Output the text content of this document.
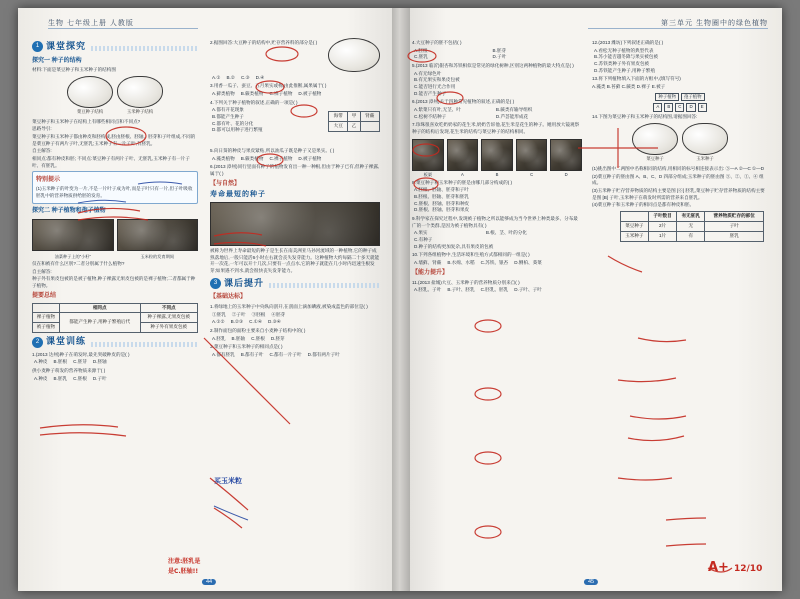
生物 七年级上册 人教版
1 课堂探究
探究一 种子的结构

材料:下面是菜豆种子和玉米种子的结构图

菜豆种子结构	玉米种子结构

菜豆种子和玉米种子在结构上有哪些相同点和不同点?

思路导引:

菜豆种子和玉米种子都由种皮和胚构成,胚由胚根、胚轴、胚芽和子叶组成,不同的是菜豆种子有两片子叶,无胚乳;玉米种子有一片子叶,有胚乳。

自主解答:

相同点:都有种皮和胚; 不同点:菜豆种子有两片子叶、无胚乳,玉米种子有一片子叶、有胚乳。

特别提示

(1)玉米种子的叶变为一片,不是一片叶子成为叶,而是子叶只有一片,但子叶吸收胚乳中的营养物质供给胚的发育。

探究二 种子植物和孢子植物
油菜种子上的“小籽”	玉米粒的发育期间

仅在和被有什么区别?二者分别属于什么植物?

自主解答:

种子外有果皮包被的是被子植物,种子裸露无果皮包被的是裸子植物;二者都属于种子植物。

提要总结
	相同点	不同点
裸子植物	都能产生种子,用种子繁殖后代	种子裸露,无果皮包被
被子植物		种子外有果皮包被
2 课堂训练

1.(2013 达州)种子在萌发时,最先突破种皮的是( )

A.种皮 B.胚根 C.胚芽 D.胚轴

供小麦种子萌发的营养物质来源于( )

A.种皮 B.胚乳 C.胚根 D.子叶

2.据图回答:大豆种子的结构中,贮存营养料的部分是( )

A.① B.② C.③ D.④

3.用香一瓜子、蚕豆、五月果实或棉,由此推断,属果属于( )

A.藓类植物 B.蕨类植物 C.裸子植物 D.被子植物

4.下列关于种子植物的叙述,正确的一项是( )

A.都有开花现象
B.都能产生种子
C.都有叶、花的分化
D.都可以用种子进行繁殖
海带	甲	肾蕨
大豆	乙	

5.向日葵的种皮与果皮紧贴,所以油瓜子既是种子又是果实。( )

A.藻类植物 B.蕨类植物 C.裸子植物 D.被子植物

6.(2013 漳州)同行里面有种子的植物发育出一种一种根,但由于种子已有,但种子裸露,属于( )

【与自然】
寿命最短的种子

被称为世界上寿命最短的种子是生长在南美洲亚马孙河流域的一种植物,它的种子成熟落地后,一般只能活6小时左右就会丧失发芽能力。这种植物大约每隔二十多天就能开一次花,一年可以开十几次,只要有一点点水,它的种子就能在几小时内迅速生根发芽;如果遇不到水,就会很快丧失发芽能力。

3 课后提升
【基础达标】

1.将绿地上的玉米种子中央纵向剖开,在剖面上滴加碘液,被染成蓝色的部位是( )

①胚乳 ②子叶 ③胚根 ④胚芽
A.①② B.②③ C.①④ D.③④

2.制作面包的面粉主要来自小麦种子结构中的( )

A.胚乳 B.胚轴 C.胚根 D.胚芽

3.菜豆种子和玉米种子的相同点是( )

A.都有胚乳 B.都有子叶 C.都有一片子叶 D.都有两片子叶
44
第三单元 生物圈中的绿色植物

4.大豆种子的胚不包括( )

A.胚根	B.胚芽 C.胚乳	D.子叶

5.(2013 临沂)银杏和苏铁相似是常见的绿化树种,区别这两种植物的最大特点是( )

A.有无绿色叶
B.有无果实和果皮包被
C.能否进行光合作用
D.能否产生种子

6.(2013 漳州)关于四种常见植物的叙述,正确的是( )

A.紫菜只有叶,无茎、叶	B.蕨类有输导组织 C.松树不结种子	D.芦荟能形成花

7.珍珠很喜欢吃奶奶家的花生米,奶奶告诉他,花生米是花生的种子。她用放大镜观察种子的结构后发现,花生米的结构与菜豆种子的结构相同。

板栗	A	B	C	D

8.菜豆种子和玉米种子的胚是由哪几部分构成的( )

A.胚根、胚轴、胚芽和子叶
B.胚根、胚轴、胚芽和胚乳
C.胚根、胚轴、胚芽和种皮
D.胚根、胚轴、胚芽和果皮

9.科学家在探究过程中,发现被子植物之所以能够成为当今世界上种类最多、分布最广的一个类群,是因为被子植物具有( )

A.果实	B.根、茎、叶的分化 C.有种子
D.种子的结构更加复杂,具有果皮的包被

10.下列各组植物中,生活环境和生殖方式都相同的一组是( )

A.墙藓、肾蕨 B.水绵、水稻 C.苏铁、银杏 D.侧柏、葵菜
【能力提升】

11.(2013 盐城)大豆、玉米种子的营养物质分别来自( )

A.胚乳、子叶 B.子叶、胚乳 C.胚乳、胚乳 D.子叶、子叶

12.(2013 潍坊)下列叙述正确的是( )

A.看松无种子植物的典型代表
B.苏小能否越冬降与果实被包被
C.苏铁类种子外有果皮包被
D.苏铁能产生种子,用种子繁殖

13.将下列植物填入下面的方框中,(填写符号)

A.藻类 B.苔藓 C.蕨类 D.裸子 E.被子

种子植物	孢子植物
A	B	C	D	E

14.下图为菜豆种子和玉米种子的结构图,请据图回答:

菜豆种子	玉米种子

(1)挑出图中二两图中名称相同的结构,用相同的标号相连接表示出: ⑤—A ②—C ①—D

(2)菜豆种子的胚由图 A、B、C、D 四部分组成;玉米种子的胚由图 ⑤、②、①、④ 组成。

(3)玉米种子贮存营养物质的结构主要是图 [⑥] 胚乳,菜豆种子贮存营养物质的结构主要是图 [B] 子叶,玉米种子在萌发时所需的营养来自胚乳。

(4)菜豆种子和玉米种子的相同点是都有种皮和胚。

	子叶数目	有无胚乳	营养物质贮存的部位
菜豆种子	2片	无	子叶
玉米种子	1片	有	胚乳
45
A+ 12/10
买玉米粒
注意:胚乳是
是C.胚轴!!
